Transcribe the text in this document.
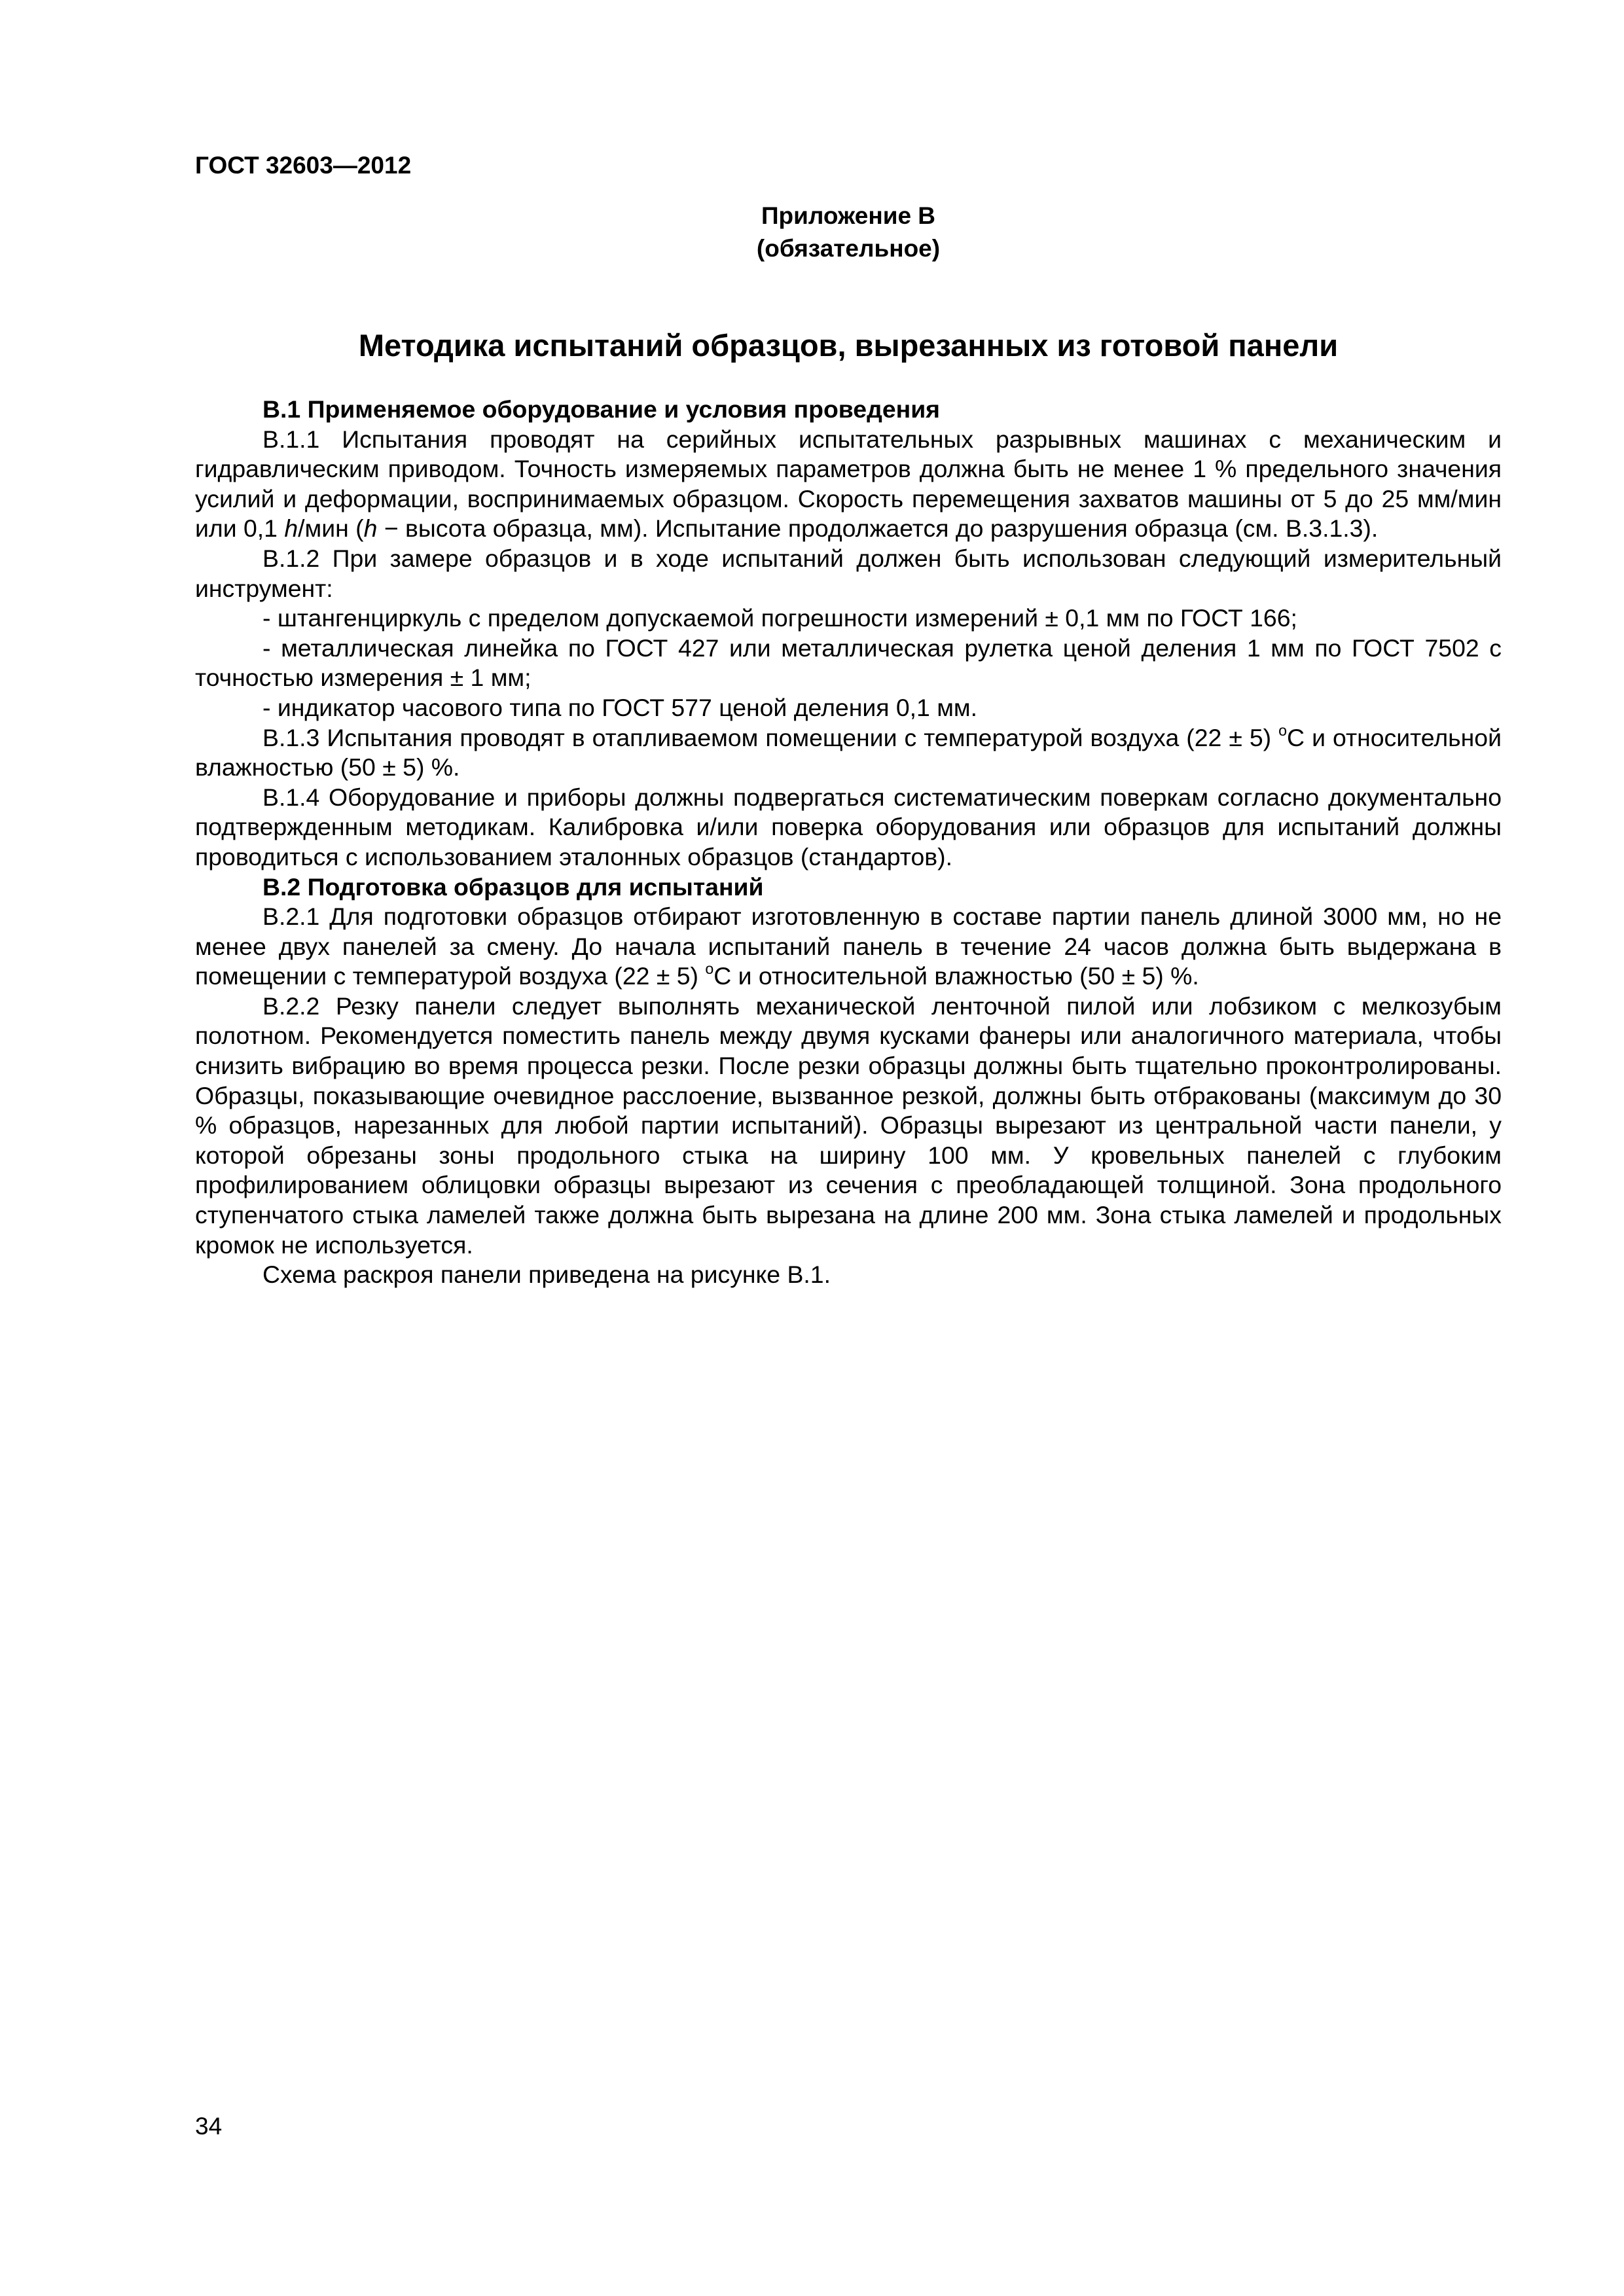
ГОСТ 32603—2012
Приложение В
(обязательное)
Методика испытаний образцов, вырезанных из готовой панели

В.1 Применяемое оборудование и условия проведения

В.1.1 Испытания проводят на серийных испытательных разрывных машинах с механическим и гидравлическим приводом. Точность измеряемых параметров должна быть не менее 1 % предельного значения усилий и деформации, воспринимаемых образцом. Скорость перемещения захватов машины от 5 до 25 мм/мин или 0,1 h/мин (h − высота образца, мм). Испытание продолжается до разрушения образца (см. В.3.1.3).

В.1.2 При замере образцов и в ходе испытаний должен быть использован следующий измерительный инструмент:

- штангенциркуль с пределом допускаемой погрешности измерений ± 0,1 мм по ГОСТ 166;

- металлическая линейка по ГОСТ 427 или металлическая рулетка ценой деления 1 мм по ГОСТ 7502 с точностью измерения ± 1 мм;

- индикатор часового типа по ГОСТ 577 ценой деления 0,1 мм.

В.1.3 Испытания проводят в отапливаемом помещении с температурой воздуха (22 ± 5) $^о$С и относительной влажностью (50 ± 5) %.

В.1.4 Оборудование и приборы должны подвергаться систематическим поверкам согласно документально подтвержденным методикам. Калибровка и/или поверка оборудования или образцов для испытаний должны проводиться с использованием эталонных образцов (стандартов).

В.2 Подготовка образцов для испытаний

В.2.1 Для подготовки образцов отбирают изготовленную в составе партии панель длиной 3000 мм, но не менее двух панелей за смену. До начала испытаний панель в течение 24 часов должна быть выдержана в помещении с температурой воздуха (22 ± 5) $^о$С и относительной влажностью (50 ± 5) %.

В.2.2 Резку панели следует выполнять механической ленточной пилой или лобзиком с мелкозубым полотном. Рекомендуется поместить панель между двумя кусками фанеры или аналогичного материала, чтобы снизить вибрацию во время процесса резки. После резки образцы должны быть тщательно проконтролированы. Образцы, показывающие очевидное расслоение, вызванное резкой, должны быть отбракованы (максимум до 30 % образцов, нарезанных для любой партии испытаний). Образцы вырезают из центральной части панели, у которой обрезаны зоны продольного стыка на ширину 100 мм. У кровельных панелей с глубоким профилированием облицовки образцы вырезают из сечения с преобладающей толщиной. Зона продольного ступенчатого стыка ламелей также должна быть вырезана на длине 200 мм. Зона стыка ламелей и продольных кромок не используется.

Схема раскроя панели приведена на рисунке В.1.

34
